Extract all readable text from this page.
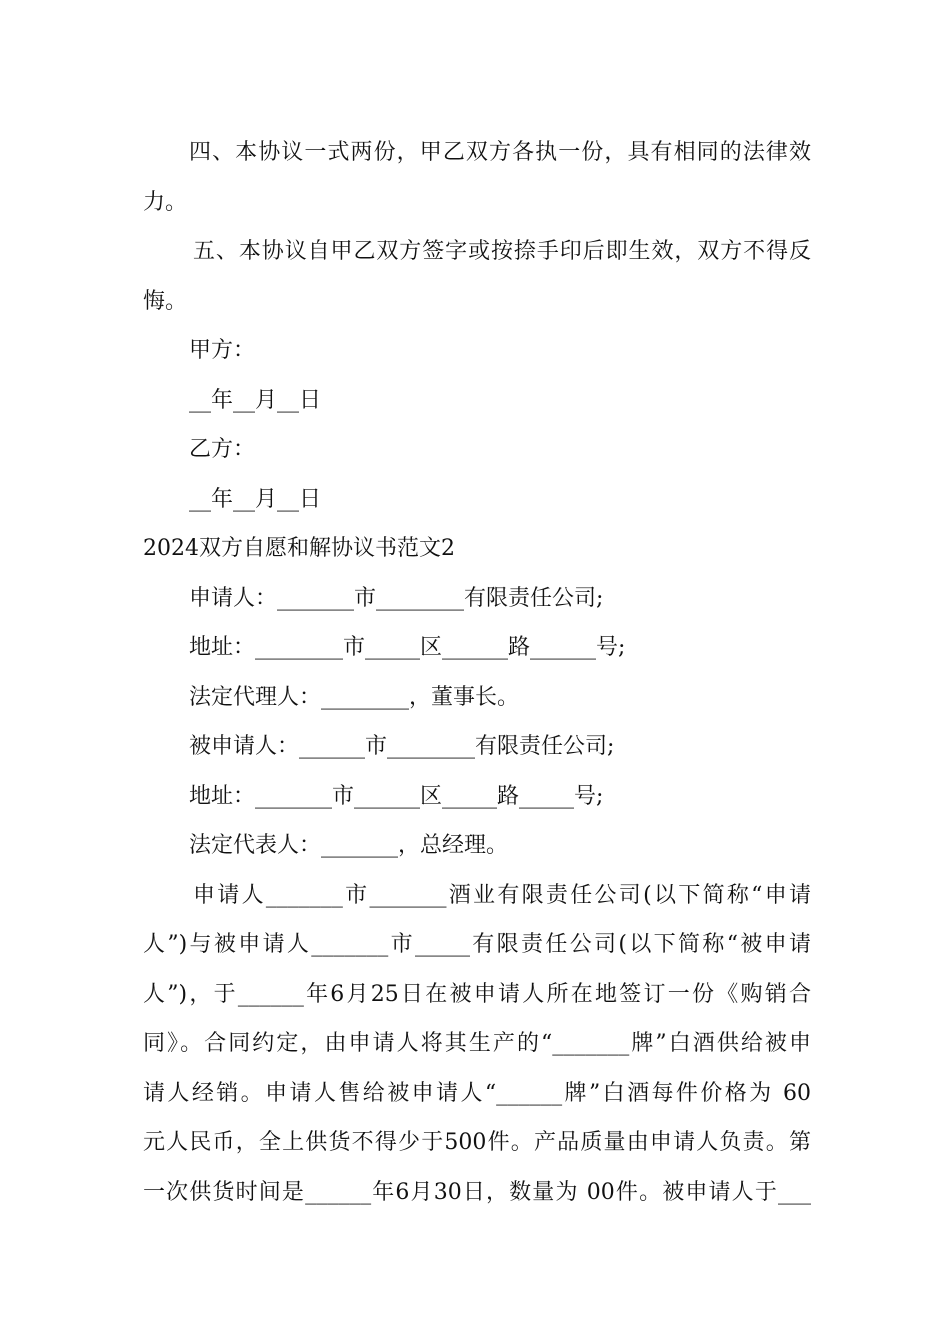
四、本协议一式两份，甲乙双方各执一份，具有相同的法律效
力。
五、本协议自甲乙双方签字或按捺手印后即生效，双方不得反
悔。
甲方：
__年__月__日
乙方：
__年__月__日
2024双方自愿和解协议书范文2
申请人：_______市________有限责任公司;
地址：________市_____区______路______号;
法定代理人：________，董事长。
被申请人：______市________有限责任公司;
地址：_______市______区_____路_____号;
法定代表人：_______，总经理。
申请人_______市_______酒业有限责任公司(以下简称“申请
人”)与被申请人_______市_____有限责任公司(以下简称“被申请
人”)，于______年6月25日在被申请人所在地签订一份《购销合
同》。合同约定，由申请人将其生产的“_______牌”白酒供给被申
请人经销。申请人售给被申请人“______牌”白酒每件价格为 60
元人民币，全上供货不得少于500件。产品质量由申请人负责。第
一次供货时间是______年6月30日，数量为 00件。被申请人于___
